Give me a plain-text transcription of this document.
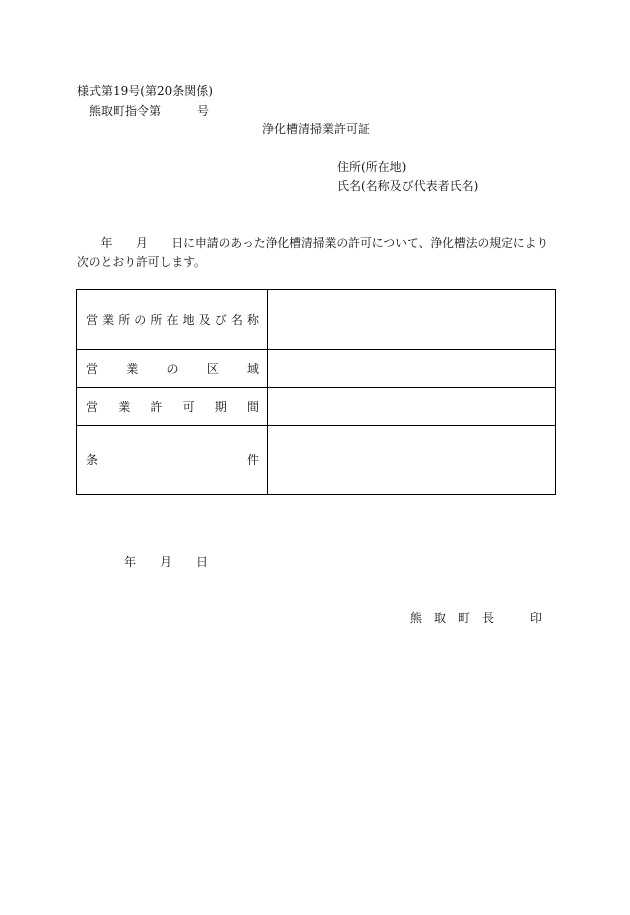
様式第19号(第20条関係)
熊取町指令第　　　号
浄化槽清掃業許可証
住所(所在地)
氏名(名称及び代表者氏名)
　　年　　月　　日に申請のあった浄化槽清掃業の許可について、浄化槽法の規定により
次のとおり許可します。
営 業 所 の 所 在 地 及 び 名 称
営 業 の 区 域
営 業 許 可 期 間
条	件
年　　月　　日
熊　取　町　長　　　印
